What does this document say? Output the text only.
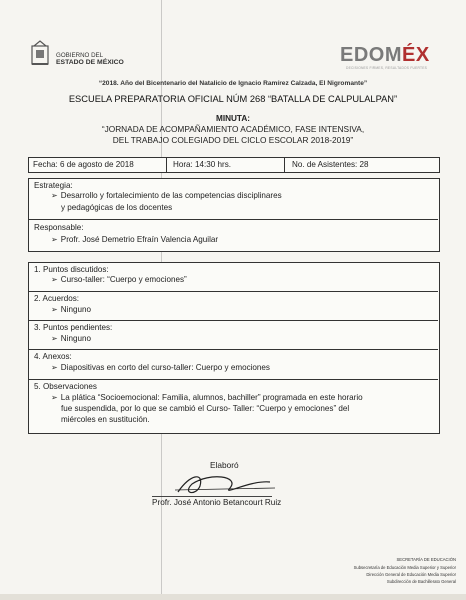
GOBIERNO DEL
ESTADO DE MÉXICO	EDOMÉX
DECISIONES FIRMES, RESULTADOS FUERTES
“2018. Año del Bicentenario del Natalicio de Ignacio Ramírez Calzada, El Nigromante”
ESCUELA PREPARATORIA OFICIAL NÚM 268 “BATALLA DE CALPULALPAN”
MINUTA:
“JORNADA DE ACOMPAÑAMIENTO ACADÉMICO, FASE INTENSIVA,
DEL TRABAJO COLEGIADO DEL CICLO ESCOLAR 2018-2019”
Fecha: 6 de agosto de 2018	Hora: 14:30 hrs.	No. de Asistentes: 28
Estrategia:
➢ Desarrollo y fortalecimiento de las competencias disciplinares
y pedagógicas de los docentes
Responsable:
➢ Profr. José Demetrio Efraín Valencia Aguilar
1. Puntos discutidos:
➢ Curso-taller: “Cuerpo y emociones”
2. Acuerdos:
➢ Ninguno
3. Puntos pendientes:
➢ Ninguno
4. Anexos:
➢ Diapositivas en corto del curso-taller: Cuerpo y emociones
5. Observaciones
➢ La plática “Socioemocional: Familia, alumnos, bachiller” programada en este horario
fue suspendida, por lo que se cambió el Curso- Taller: “Cuerpo y emociones” del
miércoles en sustitución.
Elaboró
Profr. José Antonio Betancourt Ruiz
SECRETARÍA DE EDUCACIÓN
Subsecretaría de Educación Media Superior y Superior
Dirección General de Educación Media Superior
Subdirección de Bachillerato General
